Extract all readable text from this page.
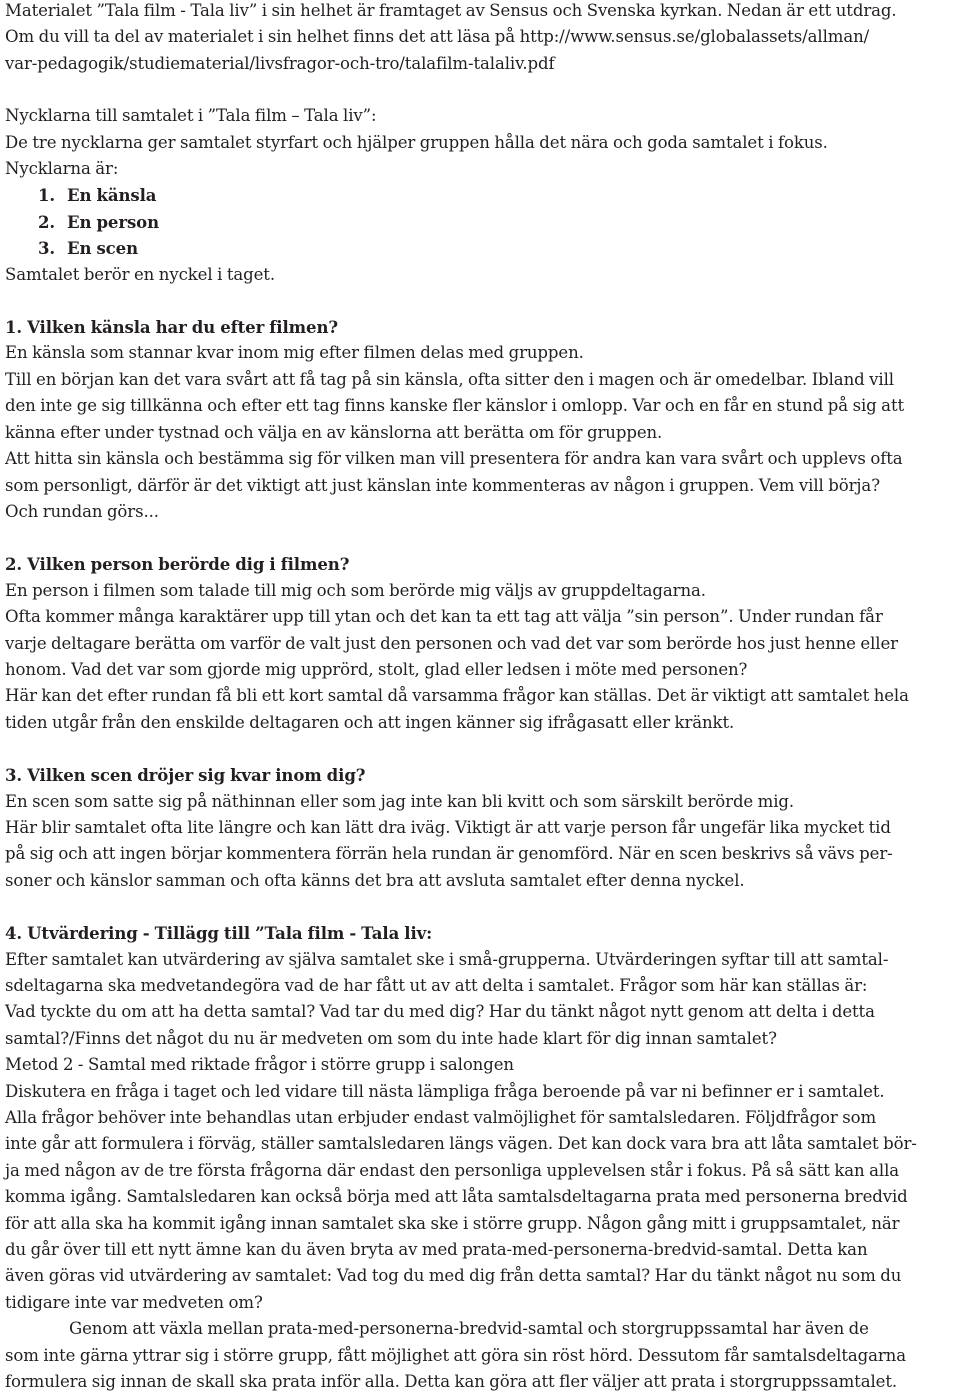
Materialet ”Tala film - Tala liv” i sin helhet är framtaget av Sensus och Svenska kyrkan. Nedan är ett utdrag.

Om du vill ta del av materialet i sin helhet finns det att läsa på http://www.sensus.se/globalassets/allman/

var-pedagogik/studiematerial/livsfragor-och-tro/talafilm-talaliv.pdf

Nycklarna till samtalet i ”Tala film – Tala liv”:

De tre nycklarna ger samtalet styrfart och hjälper gruppen hålla det nära och goda samtalet i fokus.

Nycklarna är:

1. En känsla

2. En person

3. En scen

Samtalet berör en nyckel i taget.

1. Vilken känsla har du efter filmen?

En känsla som stannar kvar inom mig efter filmen delas med gruppen.

Till en början kan det vara svårt att få tag på sin känsla, ofta sitter den i magen och är omedelbar. Ibland vill

den inte ge sig tillkänna och efter ett tag finns kanske fler känslor i omlopp. Var och en får en stund på sig att

känna efter under tystnad och välja en av känslorna att berätta om för gruppen.

Att hitta sin känsla och bestämma sig för vilken man vill presentera för andra kan vara svårt och upplevs ofta

som personligt, därför är det viktigt att just känslan inte kommenteras av någon i gruppen. Vem vill börja?

Och rundan görs...

2. Vilken person berörde dig i filmen?

En person i filmen som talade till mig och som berörde mig väljs av gruppdeltagarna.

Ofta kommer många karaktärer upp till ytan och det kan ta ett tag att välja ”sin person”. Under rundan får

varje deltagare berätta om varför de valt just den personen och vad det var som berörde hos just henne eller

honom. Vad det var som gjorde mig upprörd, stolt, glad eller ledsen i möte med personen?

Här kan det efter rundan få bli ett kort samtal då varsamma frågor kan ställas. Det är viktigt att samtalet hela

tiden utgår från den enskilde deltagaren och att ingen känner sig ifrågasatt eller kränkt.

3. Vilken scen dröjer sig kvar inom dig?

En scen som satte sig på näthinnan eller som jag inte kan bli kvitt och som särskilt berörde mig.

Här blir samtalet ofta lite längre och kan lätt dra iväg. Viktigt är att varje person får ungefär lika mycket tid

på sig och att ingen börjar kommentera förrän hela rundan är genomförd. När en scen beskrivs så vävs per-

soner och känslor samman och ofta känns det bra att avsluta samtalet efter denna nyckel.

4. Utvärdering - Tillägg till ”Tala film - Tala liv:

Efter samtalet kan utvärdering av själva samtalet ske i små-grupperna. Utvärderingen syftar till att samtal-

sdeltagarna ska medvetandegöra vad de har fått ut av att delta i samtalet. Frågor som här kan ställas är:

Vad tyckte du om att ha detta samtal? Vad tar du med dig? Har du tänkt något nytt genom att delta i detta

samtal?/Finns det något du nu är medveten om som du inte hade klart för dig innan samtalet?

Metod 2 - Samtal med riktade frågor i större grupp i salongen

Diskutera en fråga i taget och led vidare till nästa lämpliga fråga beroende på var ni befinner er i samtalet.

Alla frågor behöver inte behandlas utan erbjuder endast valmöjlighet för samtalsledaren. Följdfrågor som

inte går att formulera i förväg, ställer samtalsledaren längs vägen. Det kan dock vara bra att låta samtalet bör-

ja med någon av de tre första frågorna där endast den personliga upplevelsen står i fokus. På så sätt kan alla

komma igång. Samtalsledaren kan också börja med att låta samtalsdeltagarna prata med personerna bredvid

för att alla ska ha kommit igång innan samtalet ska ske i större grupp. Någon gång mitt i gruppsamtalet, när

du går över till ett nytt ämne kan du även bryta av med prata-med-personerna-bredvid-samtal. Detta kan

även göras vid utvärdering av samtalet: Vad tog du med dig från detta samtal? Har du tänkt något nu som du

tidigare inte var medveten om?

Genom att växla mellan prata-med-personerna-bredvid-samtal och storgruppssamtal har även de

som inte gärna yttrar sig i större grupp, fått möjlighet att göra sin röst hörd. Dessutom får samtalsdeltagarna

formulera sig innan de skall ska prata inför alla. Detta kan göra att fler väljer att prata i storgruppssamtalet.
